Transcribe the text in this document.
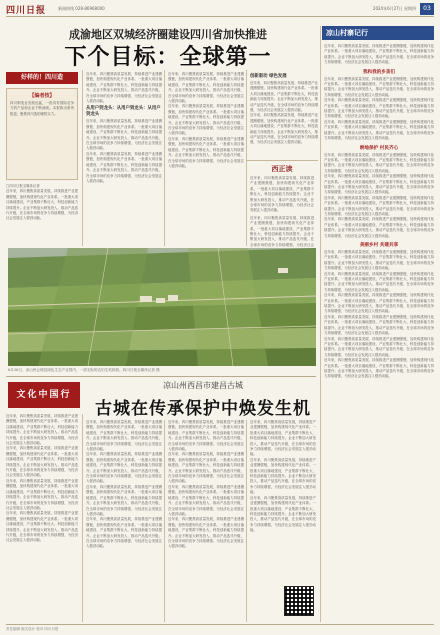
四川日报	新闻热线 028-86968000	2024年6月27日 星期四	03
成渝地区双城经济圈建设四川省加快推进
下个目标：全球第一
好样的！四川造
【编者按】
四川制造业发展迅猛，一批具有国际竞争力的产品和企业不断涌现。本报推出系列报道，聚焦四川造的硬核实力。
□四川日报全媒体记者
近年来，四川聚焦高质量发展，持续推进产业建圈强链，加快构建现代化产业体系。一批重大项目落地建设，产业集群不断壮大，科技创新能力持续提升。企业不断加大研发投入，推动产品迭代升级，在全球市场的竞争力持续增强，为经济社会发展注入强劲动能。
近年来，四川聚焦高质量发展，持续推进产业建圈强链，加快构建现代化产业体系。一批重大项目落地建设，产业集群不断壮大，科技创新能力持续提升。企业不断加大研发投入，推动产品迭代升级，在全球市场的竞争力持续增强，为经济社会发展注入强劲动能。
从用户到龙头：从用户到龙头：从用户到龙头
近年来，四川聚焦高质量发展，持续推进产业建圈强链，加快构建现代化产业体系。一批重大项目落地建设，产业集群不断壮大，科技创新能力持续提升。企业不断加大研发投入，推动产品迭代升级，在全球市场的竞争力持续增强，为经济社会发展注入强劲动能。
近年来，四川聚焦高质量发展，持续推进产业建圈强链，加快构建现代化产业体系。一批重大项目落地建设，产业集群不断壮大，科技创新能力持续提升。企业不断加大研发投入，推动产品迭代升级，在全球市场的竞争力持续增强，为经济社会发展注入强劲动能。
近年来，四川聚焦高质量发展，持续推进产业建圈强链，加快构建现代化产业体系。一批重大项目落地建设，产业集群不断壮大，科技创新能力持续提升。企业不断加大研发投入，推动产品迭代升级，在全球市场的竞争力持续增强，为经济社会发展注入强劲动能。
近年来，四川聚焦高质量发展，持续推进产业建圈强链，加快构建现代化产业体系。一批重大项目落地建设，产业集群不断壮大，科技创新能力持续提升。企业不断加大研发投入，推动产品迭代升级，在全球市场的竞争力持续增强，为经济社会发展注入强劲动能。
近年来，四川聚焦高质量发展，持续推进产业建圈强链，加快构建现代化产业体系。一批重大项目落地建设，产业集群不断壮大，科技创新能力持续提升。企业不断加大研发投入，推动产品迭代升级，在全球市场的竞争力持续增强，为经济社会发展注入强劲动能。
创新驱动 绿色发展
近年来，四川聚焦高质量发展，持续推进产业建圈强链，加快构建现代化产业体系。一批重大项目落地建设，产业集群不断壮大，科技创新能力持续提升。企业不断加大研发投入，推动产品迭代升级，在全球市场的竞争力持续增强，为经济社会发展注入强劲动能。
近年来，四川聚焦高质量发展，持续推进产业建圈强链，加快构建现代化产业体系。一批重大项目落地建设，产业集群不断壮大，科技创新能力持续提升。企业不断加大研发投入，推动产品迭代升级，在全球市场的竞争力持续增强，为经济社会发展注入强劲动能。
西正读
近年来，四川聚焦高质量发展，持续推进产业建圈强链，加快构建现代化产业体系。一批重大项目落地建设，产业集群不断壮大，科技创新能力持续提升。企业不断加大研发投入，推动产品迭代升级，在全球市场的竞争力持续增强，为经济社会发展注入强劲动能。
近年来，四川聚焦高质量发展，持续推进产业建圈强链，加快构建现代化产业体系。一批重大项目落地建设，产业集群不断壮大，科技创新能力持续提升。企业不断加大研发投入，推动产品迭代升级，在全球市场的竞争力持续增强，为经济社会
凉山村寨记行
近年来，四川聚焦高质量发展，持续推进产业建圈强链，加快构建现代化产业体系。一批重大项目落地建设，产业集群不断壮大，科技创新能力持续提升。企业不断加大研发投入，推动产品迭代升级，在全球市场的竞争力持续增强，为经济社会发展注入强劲动能。
我和我的乡亲们
近年来，四川聚焦高质量发展，持续推进产业建圈强链，加快构建现代化产业体系。一批重大项目落地建设，产业集群不断壮大，科技创新能力持续提升。企业不断加大研发投入，推动产品迭代升级，在全球市场的竞争力持续增强，为经济社会发展注入强劲动能。
近年来，四川聚焦高质量发展，持续推进产业建圈强链，加快构建现代化产业体系。一批重大项目落地建设，产业集群不断壮大，科技创新能力持续提升。企业不断加大研发投入，推动产品迭代升级，在全球市场的竞争力持续增强，为经济社会发展注入强劲动能。
近年来，四川聚焦高质量发展，持续推进产业建圈强链，加快构建现代化产业体系。一批重大项目落地建设，产业集群不断壮大，科技创新能力持续提升。企业不断加大研发投入，推动产品迭代升级，在全球市场的竞争力持续增强，为经济社会发展注入强劲动能。
耕地保护 村民齐心
近年来，四川聚焦高质量发展，持续推进产业建圈强链，加快构建现代化产业体系。一批重大项目落地建设，产业集群不断壮大，科技创新能力持续提升。企业不断加大研发投入，推动产品迭代升级，在全球市场的竞争力持续增强，为经济社会发展注入强劲动能。
近年来，四川聚焦高质量发展，持续推进产业建圈强链，加快构建现代化产业体系。一批重大项目落地建设，产业集群不断壮大，科技创新能力持续提升。企业不断加大研发投入，推动产品迭代升级，在全球市场的竞争力持续增强，为经济社会发展注入强劲动能。
近年来，四川聚焦高质量发展，持续推进产业建圈强链，加快构建现代化产业体系。一批重大项目落地建设，产业集群不断壮大，科技创新能力持续提升。企业不断加大研发投入，推动产品迭代升级，在全球市场的竞争力持续增强，为经济社会发展注入强劲动能。
近年来，四川聚焦高质量发展，持续推进产业建圈强链，加快构建现代化产业体系。一批重大项目落地建设，产业集群不断壮大，科技创新能力持续提升。企业不断加大研发投入，推动产品迭代升级，在全球市场的竞争力持续增强，为经济社会发展注入强劲动能。
美丽乡村 共建共享
近年来，四川聚焦高质量发展，持续推进产业建圈强链，加快构建现代化产业体系。一批重大项目落地建设，产业集群不断壮大，科技创新能力持续提升。企业不断加大研发投入，推动产品迭代升级，在全球市场的竞争力持续增强，为经济社会发展注入强劲动能。
近年来，四川聚焦高质量发展，持续推进产业建圈强链，加快构建现代化产业体系。一批重大项目落地建设，产业集群不断壮大，科技创新能力持续提升。企业不断加大研发投入，推动产品迭代升级，在全球市场的竞争力持续增强，为经济社会发展注入强劲动能。
近年来，四川聚焦高质量发展，持续推进产业建圈强链，加快构建现代化产业体系。一批重大项目落地建设，产业集群不断壮大，科技创新能力持续提升。企业不断加大研发投入，推动产品迭代升级，在全球市场的竞争力持续增强，为经济社会发展注入强劲动能。
近年来，四川聚焦高质量发展，持续推进产业建圈强链，加快构建现代化产业体系。一批重大项目落地建设，产业集群不断壮大，科技创新能力持续提升。企业不断加大研发投入，推动产品迭代升级，在全球市场的竞争力持续增强，为经济社会发展注入强劲动能。
近年来，四川聚焦高质量发展，持续推进产业建圈强链，加快构建现代化产业体系。一批重大项目落地建设，产业集群不断壮大，科技创新能力持续提升。企业不断加大研发投入，推动产品迭代升级，在全球市场的竞争力持续增强，为经济社会发展注入强劲动能。
近年来，四川聚焦高质量发展，持续推进产业建圈强链，加快构建现代化产业体系。一批重大项目落地建设，产业集群不断壮大，科技创新能力持续提升。企业不断加大研发投入，推动产品迭代升级，在全球市场的竞争力持续增强，为经济社会发展注入强劲动能。
6月26日，凉山州会理县绿色生态产业园内，一望无际的农田生机勃勃。四川日报全媒体记者 摄
文化中国行
凉山州西昌市建昌古城
古城在传承保护中焕发生机
近年来，四川聚焦高质量发展，持续推进产业建圈强链，加快构建现代化产业体系。一批重大项目落地建设，产业集群不断壮大，科技创新能力持续提升。企业不断加大研发投入，推动产品迭代升级，在全球市场的竞争力持续增强，为经济社会发展注入强劲动能。
近年来，四川聚焦高质量发展，持续推进产业建圈强链，加快构建现代化产业体系。一批重大项目落地建设，产业集群不断壮大，科技创新能力持续提升。企业不断加大研发投入，推动产品迭代升级，在全球市场的竞争力持续增强，为经济社会发展注入强劲动能。
近年来，四川聚焦高质量发展，持续推进产业建圈强链，加快构建现代化产业体系。一批重大项目落地建设，产业集群不断壮大，科技创新能力持续提升。企业不断加大研发投入，推动产品迭代升级，在全球市场的竞争力持续增强，为经济社会发展注入强劲动能。
近年来，四川聚焦高质量发展，持续推进产业建圈强链，加快构建现代化产业体系。一批重大项目落地建设，产业集群不断壮大，科技创新能力持续提升。企业不断加大研发投入，推动产品迭代升级，在全球市场的竞争力持续增强，为经济社会发展注入强劲动能。
近年来，四川聚焦高质量发展，持续推进产业建圈强链，加快构建现代化产业体系。一批重大项目落地建设，产业集群不断壮大，科技创新能力持续提升。企业不断加大研发投入，推动产品迭代升级，在全球市场的竞争力持续增强，为经济社会发展注入强劲动能。
近年来，四川聚焦高质量发展，持续推进产业建圈强链，加快构建现代化产业体系。一批重大项目落地建设，产业集群不断壮大，科技创新能力持续提升。企业不断加大研发投入，推动产品迭代升级，在全球市场的竞争力持续增强，为经济社会发展注入强劲动能。
近年来，四川聚焦高质量发展，持续推进产业建圈强链，加快构建现代化产业体系。一批重大项目落地建设，产业集群不断壮大，科技创新能力持续提升。企业不断加大研发投入，推动产品迭代升级，在全球市场的竞争力持续增强，为经济社会发展注入强劲动能。
近年来，四川聚焦高质量发展，持续推进产业建圈强链，加快构建现代化产业体系。一批重大项目落地建设，产业集群不断壮大，科技创新能力持续提升。企业不断加大研发投入，推动产品迭代升级，在全球市场的竞争力持续增强，为经济社会发展注入强劲动能。
近年来，四川聚焦高质量发展，持续推进产业建圈强链，加快构建现代化产业体系。一批重大项目落地建设，产业集群不断壮大，科技创新能力持续提升。企业不断加大研发投入，推动产品迭代升级，在全球市场的竞争力持续增强，为经济社会发展注入强劲动能。
近年来，四川聚焦高质量发展，持续推进产业建圈强链，加快构建现代化产业体系。一批重大项目落地建设，产业集群不断壮大，科技创新能力持续提升。企业不断加大研发投入，推动产品迭代升级，在全球市场的竞争力持续增强，为经济社会发展注入强劲动能。
近年来，四川聚焦高质量发展，持续推进产业建圈强链，加快构建现代化产业体系。一批重大项目落地建设，产业集群不断壮大，科技创新能力持续提升。企业不断加大研发投入，推动产品迭代升级，在全球市场的竞争力持续增强，为经济社会发展注入强劲动能。
近年来，四川聚焦高质量发展，持续推进产业建圈强链，加快构建现代化产业体系。一批重大项目落地建设，产业集群不断壮大，科技创新能力持续提升。企业不断加大研发投入，推动产品迭代升级，在全球市场的竞争力持续增强，为经济社会发展注入强劲动能。
近年来，四川聚焦高质量发展，持续推进产业建圈强链，加快构建现代化产业体系。一批重大项目落地建设，产业集群不断壮大，科技创新能力持续提升。企业不断加大研发投入，推动产品迭代升级，在全球市场的竞争力持续增强，为经济社会发展注入强劲动能。
近年来，四川聚焦高质量发展，持续推进产业建圈强链，加快构建现代化产业体系。一批重大项目落地建设，产业集群不断壮大，科技创新能力持续提升。企业不断加大研发投入，推动产品迭代升级，在全球市场的竞争力持续增强，为经济社会发展注入强劲动能。
近年来，四川聚焦高质量发展，持续推进产业建圈强链，加快构建现代化产业体系。一批重大项目落地建设，产业集群不断壮大，科技创新能力持续提升。企业不断加大研发投入，推动产品迭代升级，在全球市场的竞争力持续增强，为经济社会发展注入强劲动能。
责任编辑 版式设计 校对 四川日报
